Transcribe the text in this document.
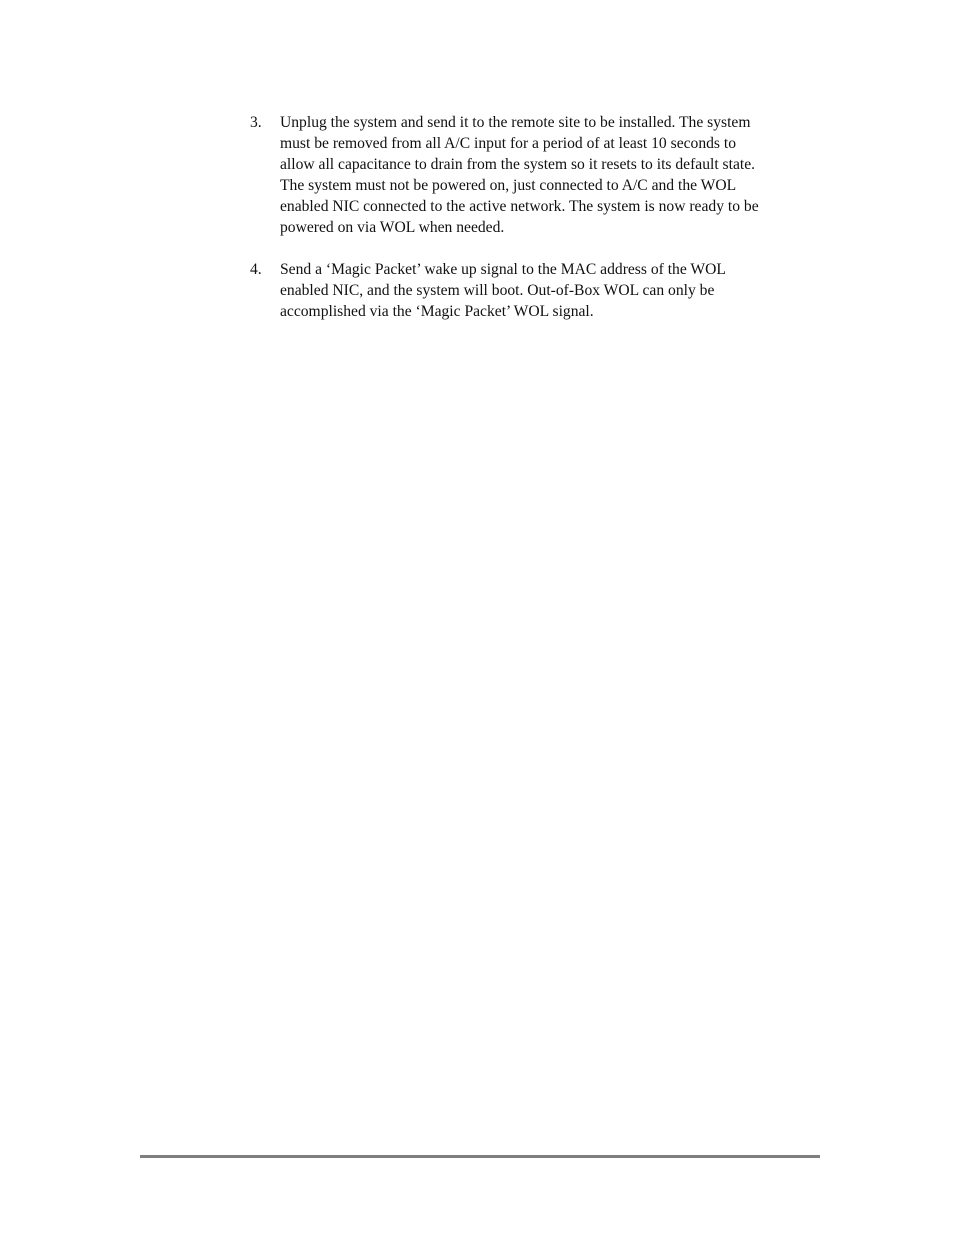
3.	Unplug the system and send it to the remote site to be installed. The system
must be removed from all A/C input for a period of at least 10 seconds to
allow all capacitance to drain from the system so it resets to its default state.
The system must not be powered on, just connected to A/C and the WOL
enabled NIC connected to the active network. The system is now ready to be
powered on via WOL when needed.
4.	Send a ‘Magic Packet’ wake up signal to the MAC address of the WOL
enabled NIC, and the system will boot. Out-of-Box WOL can only be
accomplished via the ‘Magic Packet’ WOL signal.
